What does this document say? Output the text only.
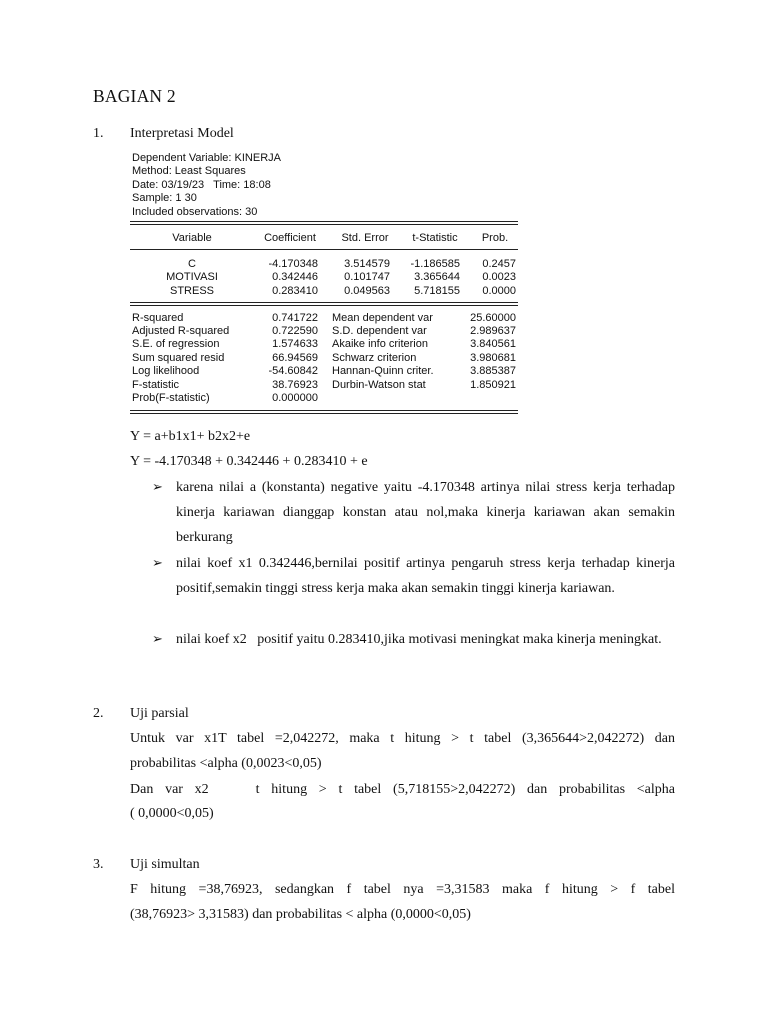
BAGIAN 2
1. Interpretasi Model
Dependent Variable: KINERJA
Method: Least Squares
Date: 03/19/23   Time: 18:08
Sample: 1 30
Included observations: 30
Variable	Coefficient	Std. Error	t-Statistic	Prob.
C	-4.170348	3.514579	-1.186585	0.2457
MOTIVASI	0.342446	0.101747	3.365644	0.0023
STRESS	0.283410	0.049563	5.718155	0.0000
R-squared	0.741722 Mean dependent var	25.60000
Adjusted R-squared	0.722590 S.D. dependent var	2.989637
S.E. of regression	1.574633 Akaike info criterion	3.840561
Sum squared resid	66.94569 Schwarz criterion	3.980681
Log likelihood	-54.60842 Hannan-Quinn criter.	3.885387
F-statistic	38.76923 Durbin-Watson stat	1.850921
Prob(F-statistic)	0.000000
Y = a+b1x1+ b2x2+e
Y = -4.170348 + 0.342446 + 0.283410 + e
➢ karena nilai a (konstanta) negative yaitu -4.170348 artinya nilai stress kerja terhadap kinerja kariawan dianggap konstan atau nol,maka kinerja kariawan akan semakin berkurang
➢ nilai koef x1 0.342446,bernilai positif artinya pengaruh stress kerja terhadap kinerja positif,semakin tinggi stress kerja maka akan semakin tinggi kinerja kariawan.
➢ nilai koef x2   positif yaitu 0.283410,jika motivasi meningkat maka kinerja meningkat.
2. Uji parsial
Untuk var x1T tabel =2,042272, maka t hitung > t tabel (3,365644>2,042272) dan
probabilitas <alpha (0,0023<0,05)
Dan var x2    t hitung > t tabel (5,718155>2,042272) dan probabilitas <alpha
( 0,0000<0,05)
3. Uji simultan
F hitung =38,76923, sedangkan f tabel nya =3,31583 maka f hitung > f tabel
(38,76923> 3,31583) dan probabilitas < alpha (0,0000<0,05)
